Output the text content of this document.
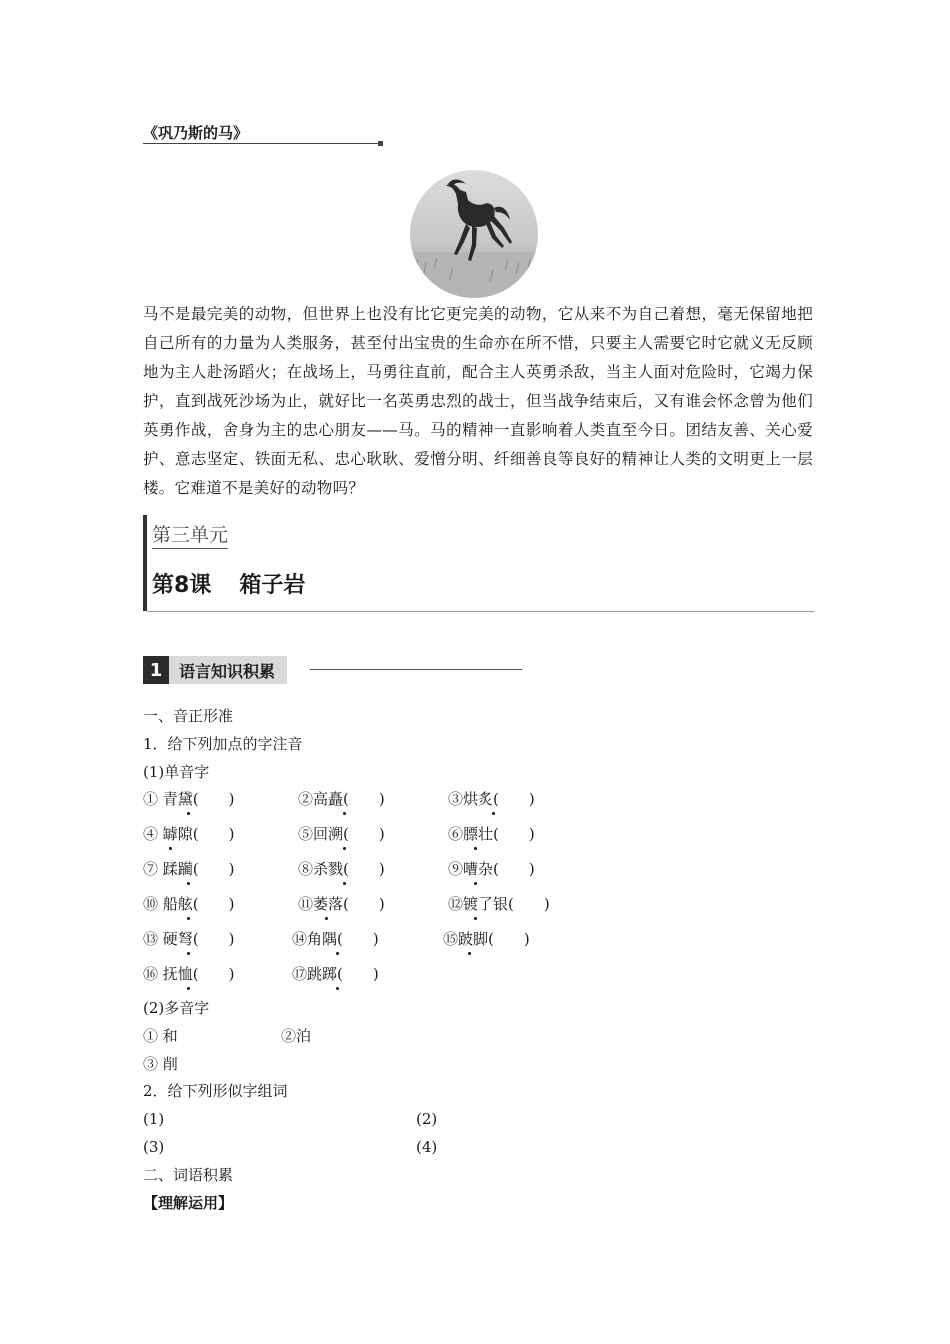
《巩乃斯的马》
马不是最完美的动物，但世界上也没有比它更完美的动物，它从来不为自己着想，毫无保留地把自己所有的力量为人类服务，甚至付出宝贵的生命亦在所不惜，只要主人需要它时它就义无反顾地为主人赴汤蹈火；在战场上，马勇往直前，配合主人英勇杀敌，当主人面对危险时，它竭力保护，直到战死沙场为止，就好比一名英勇忠烈的战士，但当战争结束后，又有谁会怀念曾为他们英勇作战，舍身为主的忠心朋友——马。马的精神一直影响着人类直至今日。团结友善、关心爱护、意志坚定、铁面无私、忠心耿耿、爱憎分明、纤细善良等良好的精神让人类的文明更上一层楼。它难道不是美好的动物吗？
第三单元
第8课 箱子岩
1	语言知识积累
一、音正形准
1．给下列加点的字注音
(1)单音字
① 青黛(　　)	②高矗(　　)	③烘炙(　　)
④ 罅隙(　　)	⑤回溯(　　)	⑥膘壮(　　)
⑦ 蹂躏(　　)	⑧杀戮(　　)	⑨嘈杂(　　)
⑩ 船舷(　　)	⑪萎落(　　)	⑫镀了银(　　)
⑬ 硬弩(　　)	⑭角隅(　　)	⑮跛脚(　　)
⑯ 抚恤(　　)	⑰跳踯(　　)
(2)多音字
① 和	②泊
③ 削
2．给下列形似字组词
(1)	(2)
(3)	(4)
二、词语积累
【理解运用】
